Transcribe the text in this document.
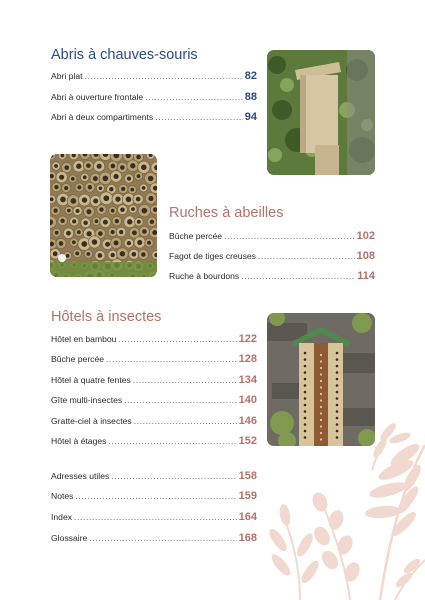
Abris à chauves-souris
Abri plat .....	82
Abri à ouverture frontale .....	88
Abri à deux compartiments .....	94
Ruches à abeilles
Bûche percée .....	102
Fagot de tiges creuses .....	108
Ruche à bourdons .....	114
Hôtels à insectes
Hôtel en bambou .....	122
Bûche percée .....	128
Hôtel à quatre fentes .....	134
Gîte multi-insectes .....	140
Gratte-ciel à insectes .....	146
Hôtel à étages .....	152
Adresses utiles .....	158
Notes .....	159
Index .....	164
Glossaire .....	168
